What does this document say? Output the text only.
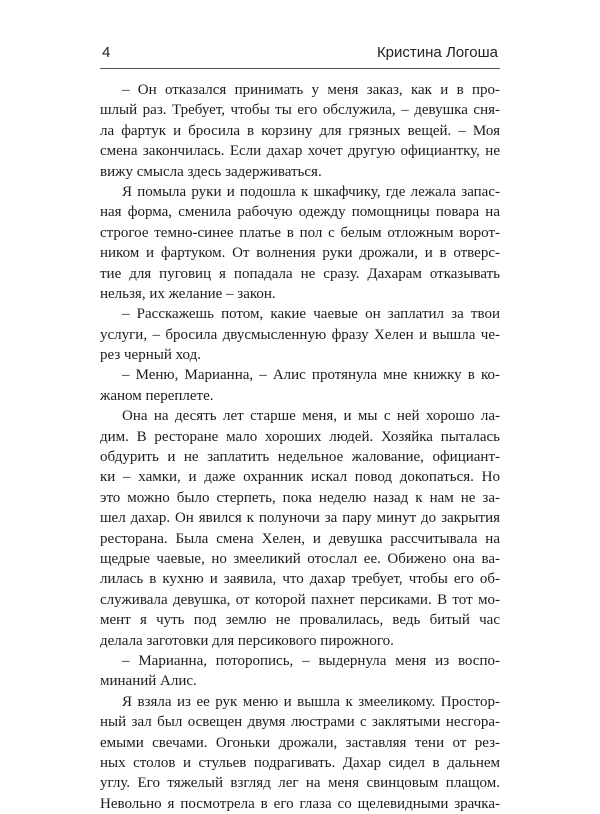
4	Кристина Логоша
– Он отказался принимать у меня заказ, как и в про-
шлый раз. Требует, чтобы ты его обслужила, – девушка сня-
ла фартук и бросила в корзину для грязных вещей. – Моя
смена закончилась. Если дахар хочет другую официантку, не
вижу смысла здесь задерживаться.
Я помыла руки и подошла к шкафчику, где лежала запас-
ная форма, сменила рабочую одежду помощницы повара на
строгое темно-синее платье в пол с белым отложным ворот-
ником и фартуком. От волнения руки дрожали, и в отверс-
тие для пуговиц я попадала не сразу. Дахарам отказывать
нельзя, их желание – закон.
– Расскажешь потом, какие чаевые он заплатил за твои
услуги, – бросила двусмысленную фразу Хелен и вышла че-
рез черный ход.
– Меню, Марианна, – Алис протянула мне книжку в ко-
жаном переплете.
Она на десять лет старше меня, и мы с ней хорошо ла-
дим. В ресторане мало хороших людей. Хозяйка пыталась
обдурить и не заплатить недельное жалование, официант-
ки – хамки, и даже охранник искал повод докопаться. Но
это можно было стерпеть, пока неделю назад к нам не за-
шел дахар. Он явился к полуночи за пару минут до закрытия
ресторана. Была смена Хелен, и девушка рассчитывала на
щедрые чаевые, но змееликий отослал ее. Обижено она ва-
лилась в кухню и заявила, что дахар требует, чтобы его об-
служивала девушка, от которой пахнет персиками. В тот мо-
мент я чуть под землю не провалилась, ведь битый час
делала заготовки для персикового пирожного.
– Марианна, поторопись, – выдернула меня из воспо-
минаний Алис.
Я взяла из ее рук меню и вышла к змееликому. Простор-
ный зал был освещен двумя люстрами с заклятыми несгора-
емыми свечами. Огоньки дрожали, заставляя тени от рез-
ных столов и стульев подрагивать. Дахар сидел в дальнем
углу. Его тяжелый взгляд лег на меня свинцовым плащом.
Невольно я посмотрела в его глаза со щелевидными зрачка-
